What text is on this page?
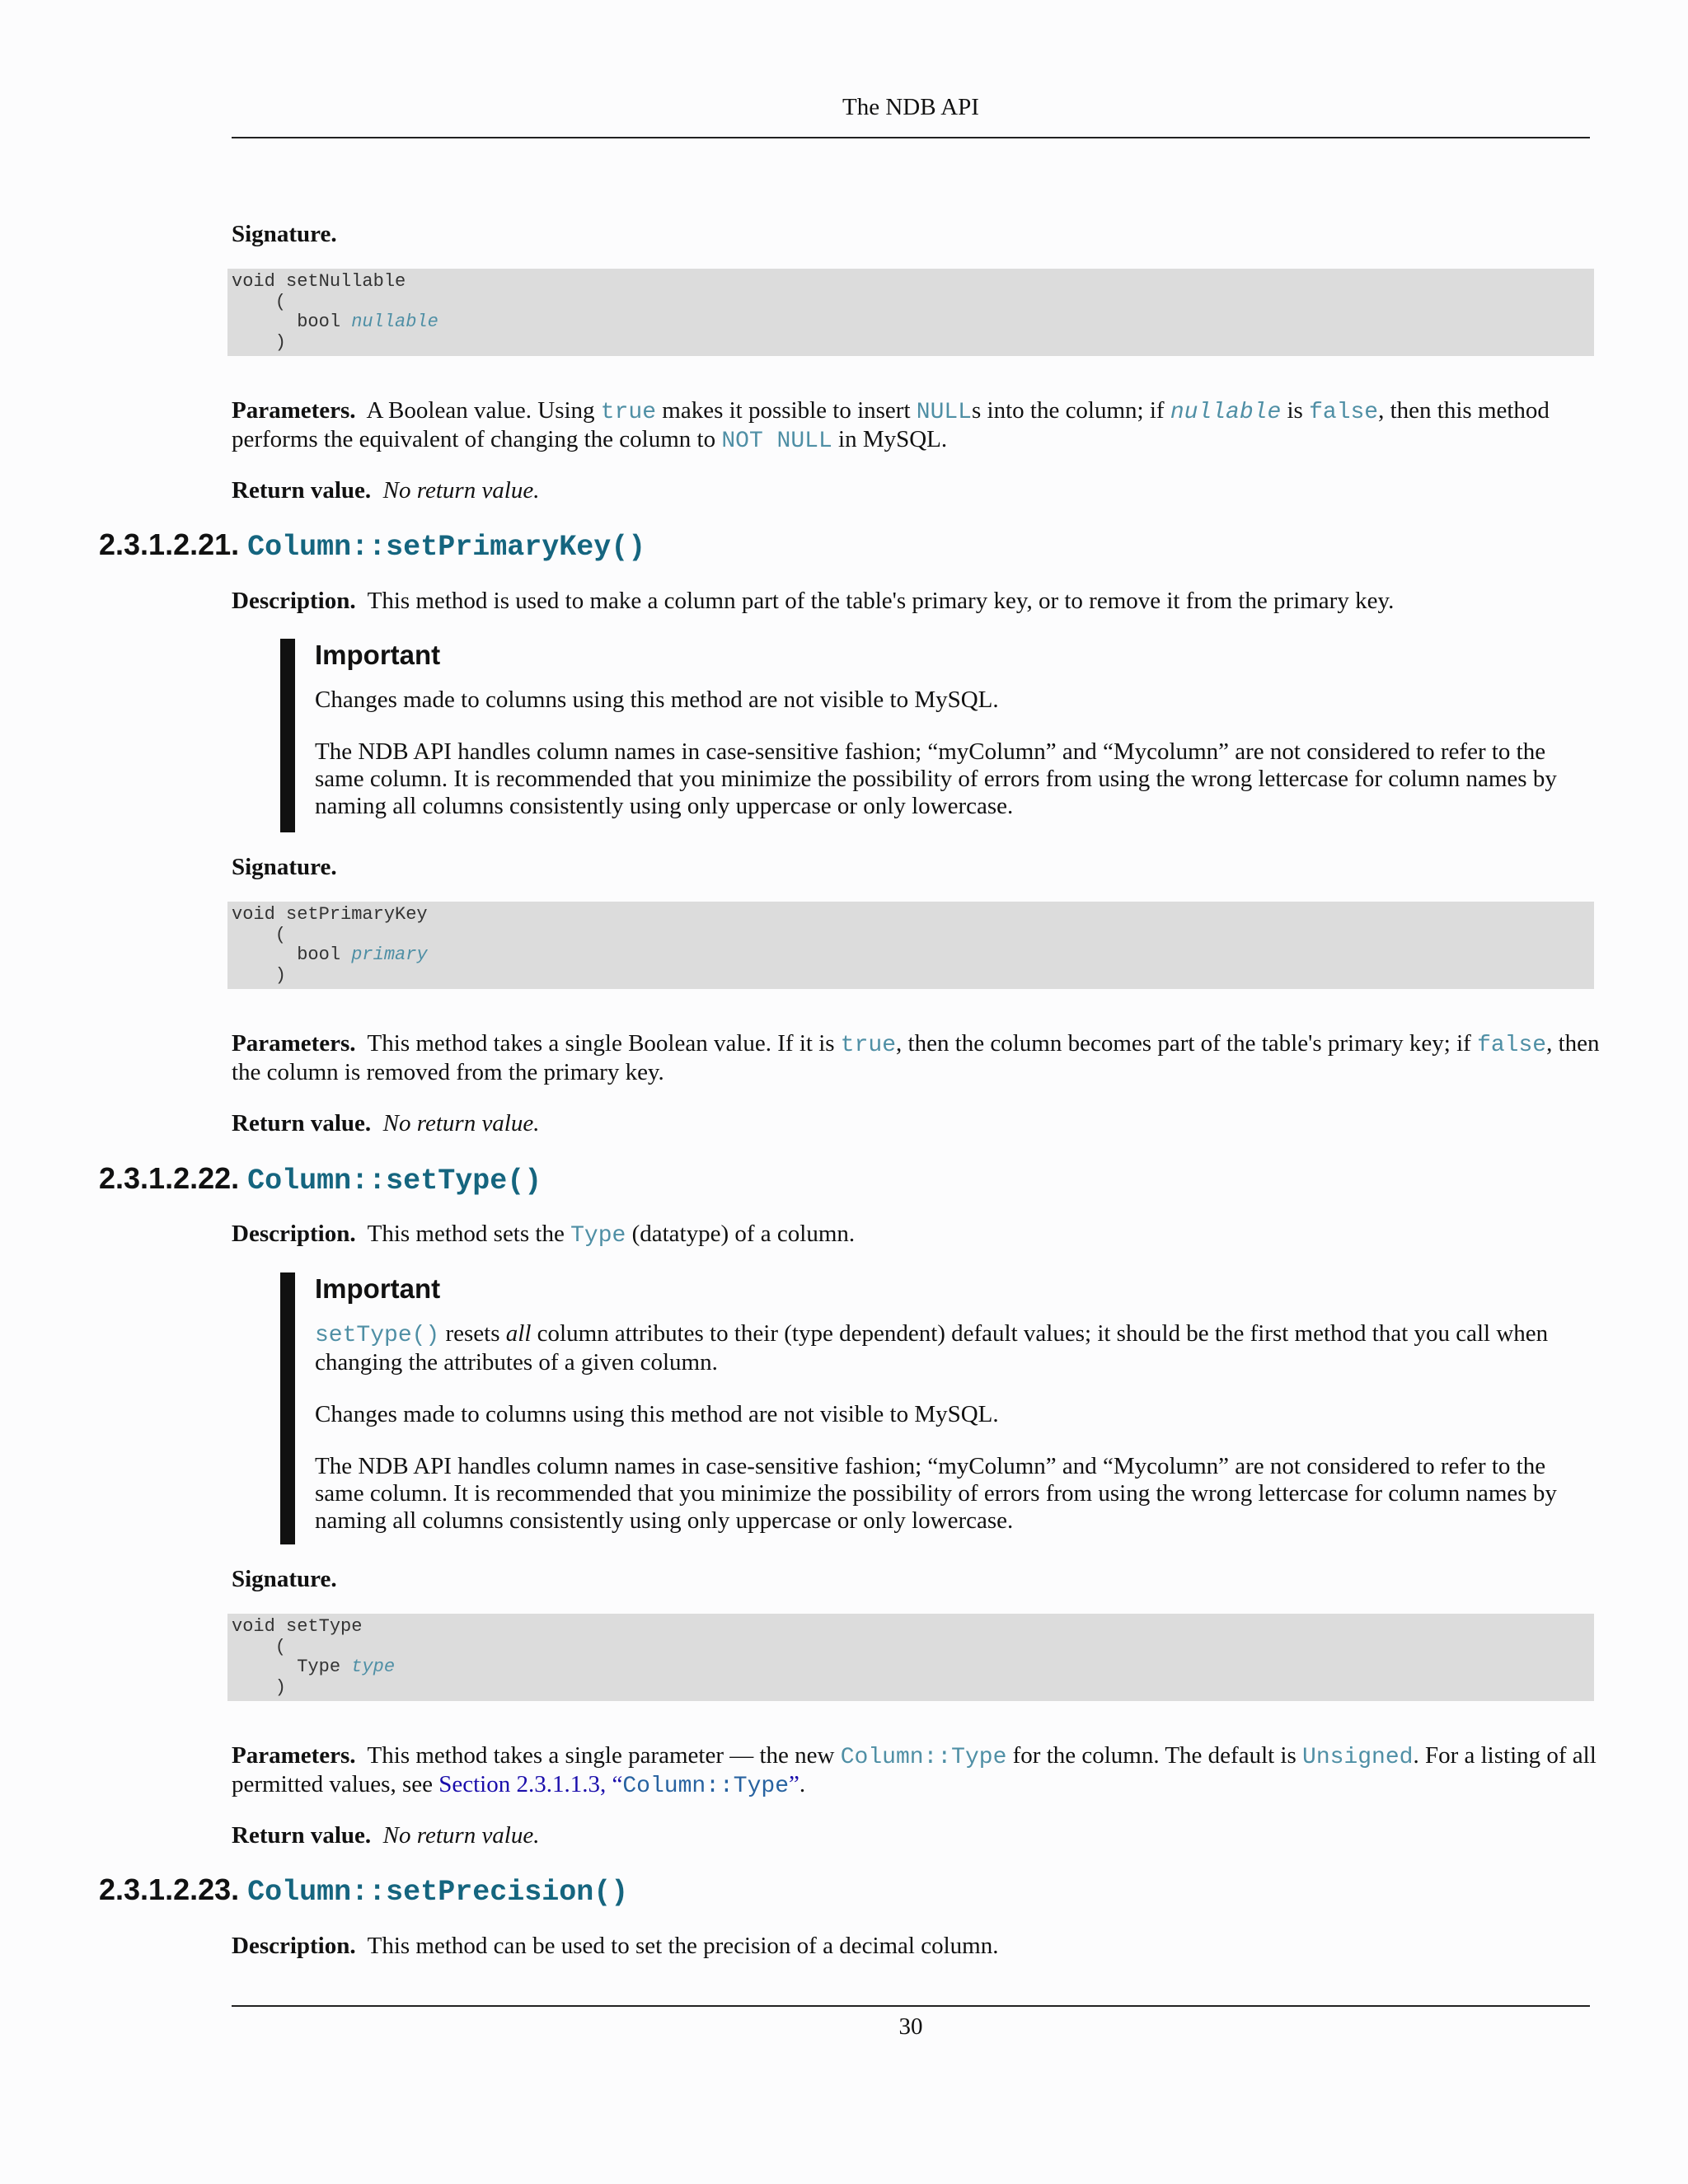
The NDB API

Signature.

void setNullable
(
bool nullable
)

Parameters. A Boolean value. Using true makes it possible to insert NULLs into the column; if nullable is false, then this method performs the equivalent of changing the column to NOT NULL in MySQL.

Return value. No return value.

2.3.1.2.21. Column::setPrimaryKey()

Description. This method is used to make a column part of the table's primary key, or to remove it from the primary key.

Important

Changes made to columns using this method are not visible to MySQL.

The NDB API handles column names in case-sensitive fashion; “myColumn” and “Mycolumn” are not considered to refer to the same column. It is recommended that you minimize the possibility of errors from using the wrong lettercase for column names by naming all columns consistently using only uppercase or only lowercase.

Signature.

void setPrimaryKey
(
bool primary
)

Parameters. This method takes a single Boolean value. If it is true, then the column becomes part of the table's primary key; if false, then the column is removed from the primary key.

Return value. No return value.

2.3.1.2.22. Column::setType()

Description. This method sets the Type (datatype) of a column.

Important

setType() resets all column attributes to their (type dependent) default values; it should be the first method that you call when changing the attributes of a given column.

Changes made to columns using this method are not visible to MySQL.

The NDB API handles column names in case-sensitive fashion; “myColumn” and “Mycolumn” are not considered to refer to the same column. It is recommended that you minimize the possibility of errors from using the wrong lettercase for column names by naming all columns consistently using only uppercase or only lowercase.

Signature.

void setType
(
Type type
)

Parameters. This method takes a single parameter — the new Column::Type for the column. The default is Unsigned. For a listing of all permitted values, see Section 2.3.1.1.3, “Column::Type”.

Return value. No return value.

2.3.1.2.23. Column::setPrecision()

Description. This method can be used to set the precision of a decimal column.

30
